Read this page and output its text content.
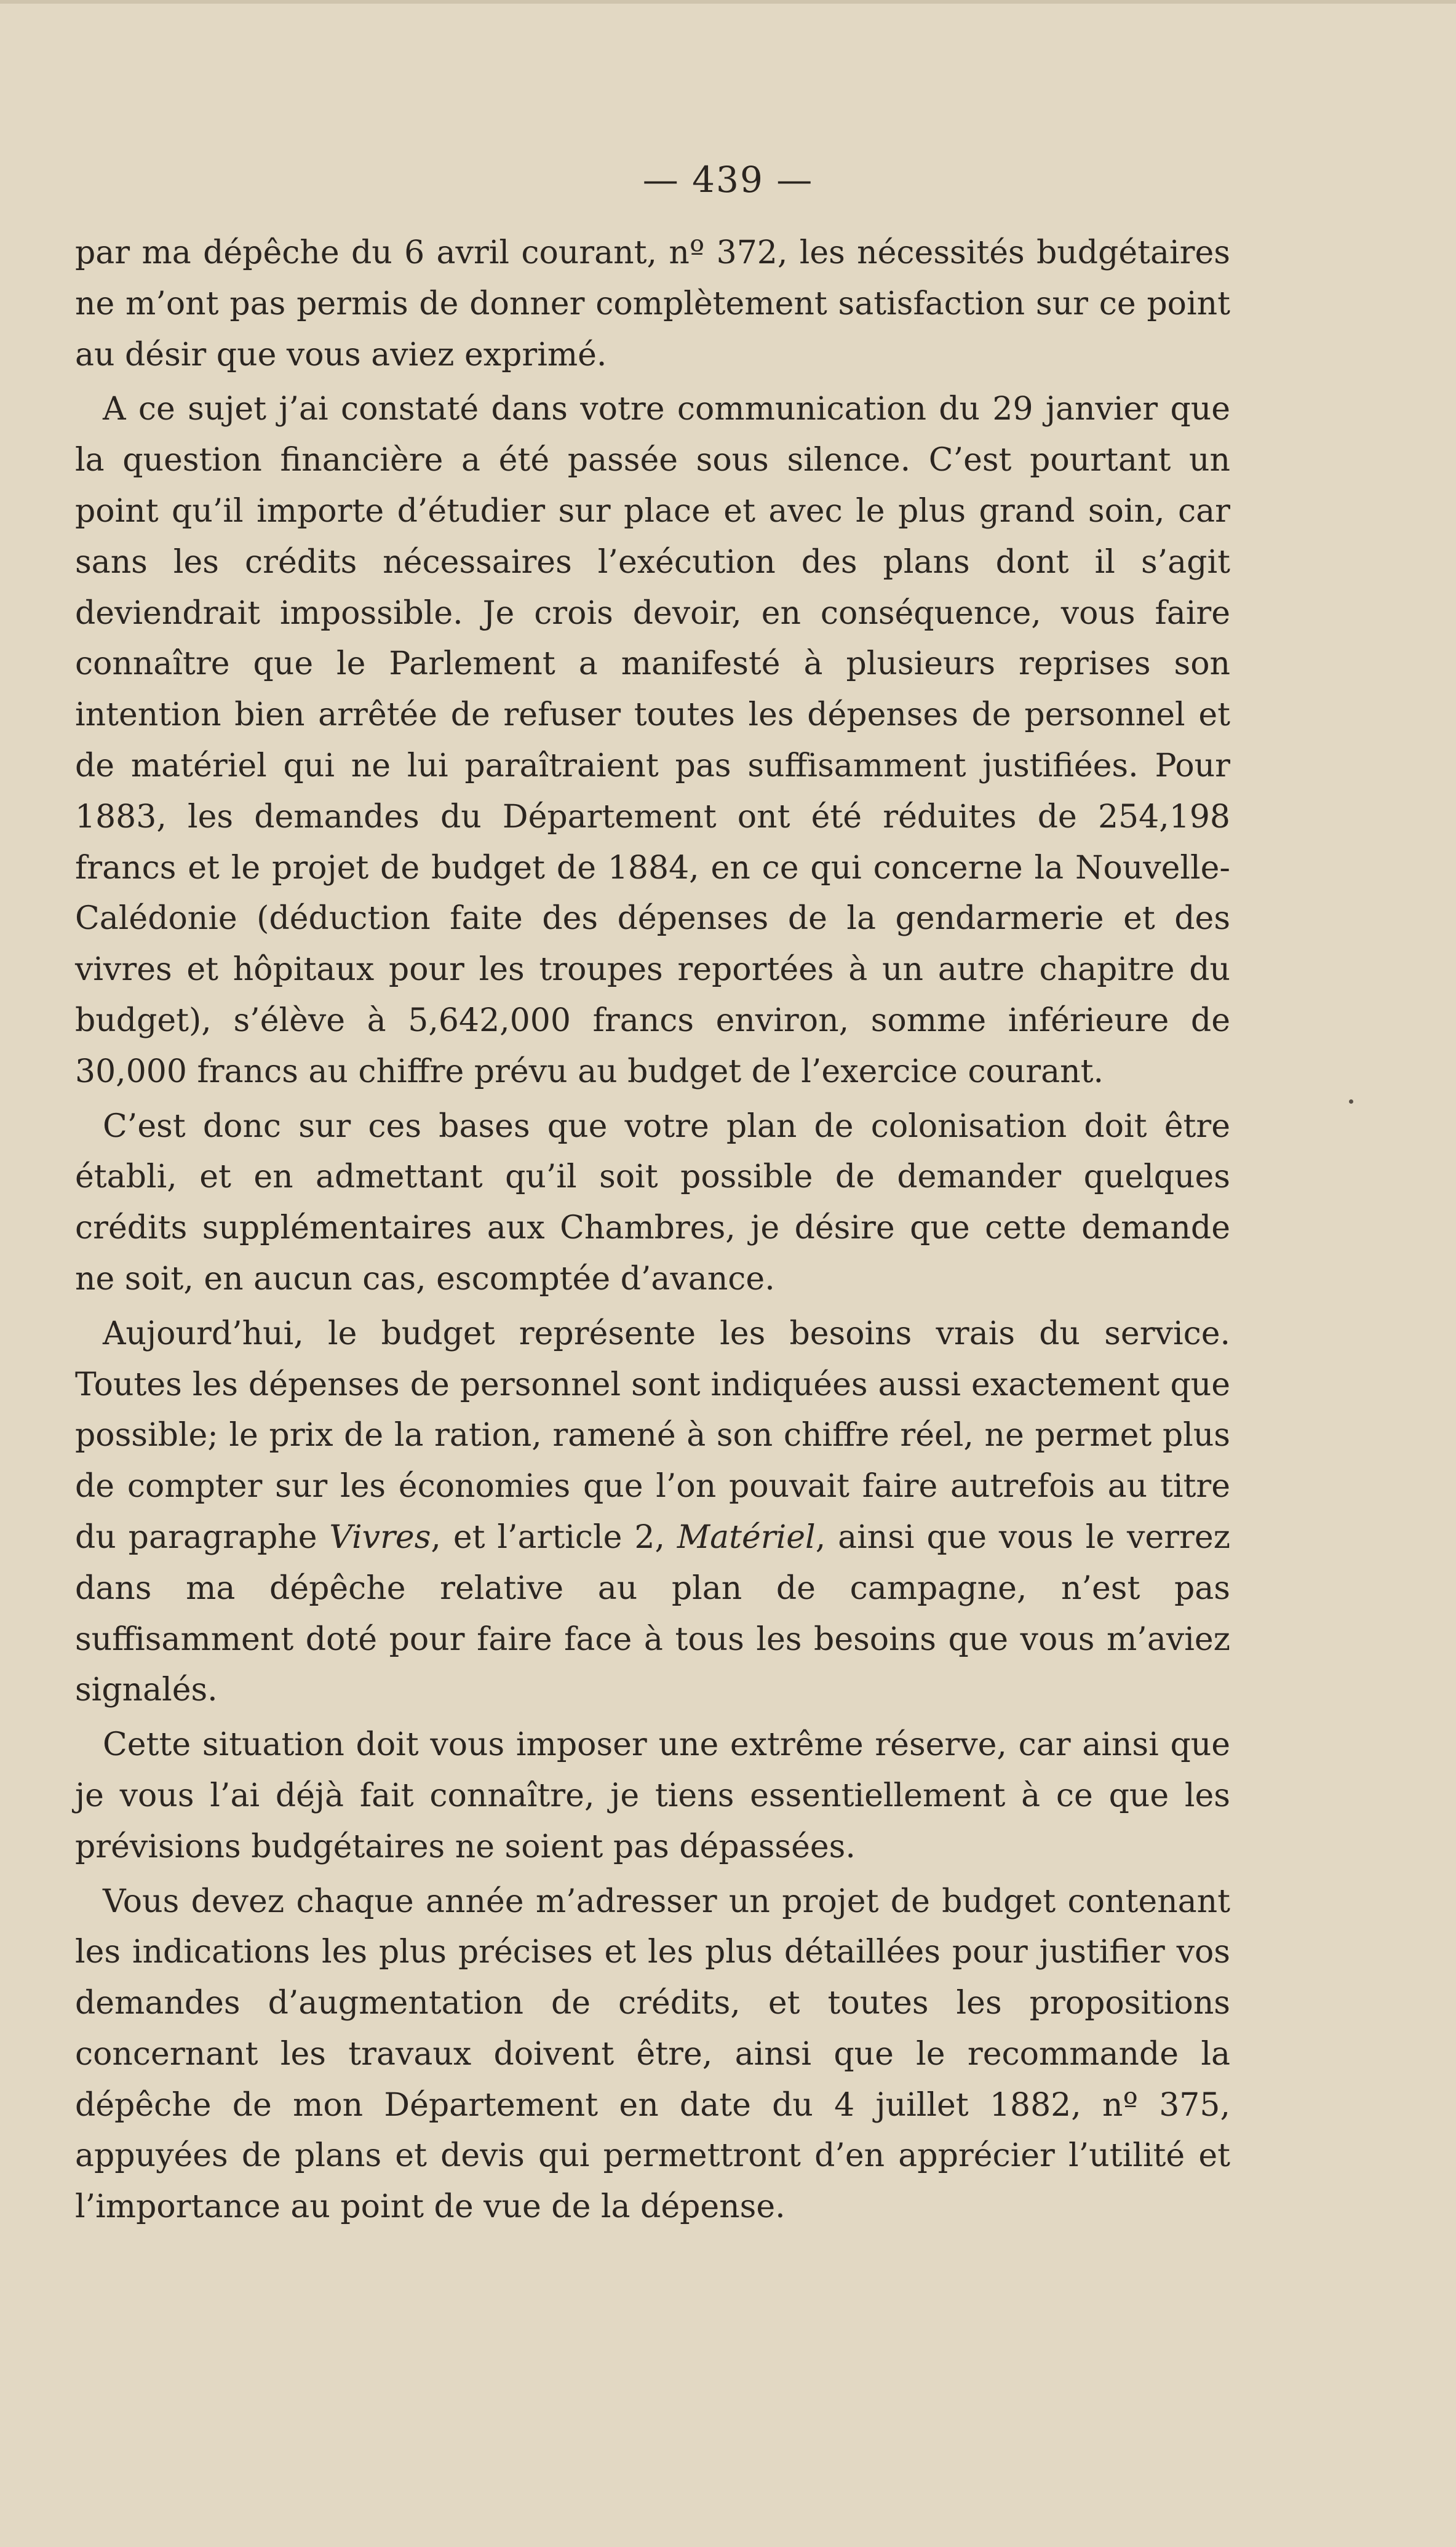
— 439 —

par ma dépêche du 6 avril courant, nº 372, les nécessités budgétaires ne m’ont pas permis de donner complètement satisfaction sur ce point au désir que vous aviez exprimé.

A ce sujet j’ai constaté dans votre communication du 29 janvier que la question financière a été passée sous silence. C’est pourtant un point qu’il importe d’étudier sur place et avec le plus grand soin, car sans les crédits nécessaires l’exécution des plans dont il s’agit deviendrait impossible. Je crois devoir, en conséquence, vous faire connaître que le Parlement a manifesté à plusieurs reprises son intention bien arrêtée de refuser toutes les dépenses de personnel et de matériel qui ne lui paraîtraient pas suffisamment justifiées. Pour 1883, les demandes du Département ont été réduites de 254,198 francs et le projet de budget de 1884, en ce qui concerne la Nouvelle-Calédonie (déduction faite des dépenses de la gendarmerie et des vivres et hôpitaux pour les troupes reportées à un autre chapitre du budget), s’élève à 5,642,000 francs environ, somme inférieure de 30,000 francs au chiffre prévu au budget de l’exercice courant.

C’est donc sur ces bases que votre plan de colonisation doit être établi, et en admettant qu’il soit possible de demander quelques crédits supplémentaires aux Chambres, je désire que cette demande ne soit, en aucun cas, escomptée d’avance.

Aujourd’hui, le budget représente les besoins vrais du service. Toutes les dépenses de personnel sont indiquées aussi exactement que possible; le prix de la ration, ramené à son chiffre réel, ne permet plus de compter sur les économies que l’on pouvait faire autrefois au titre du paragraphe Vivres, et l’article 2, Matériel, ainsi que vous le verrez dans ma dépêche relative au plan de campagne, n’est pas suffisamment doté pour faire face à tous les besoins que vous m’aviez signalés.

Cette situation doit vous imposer une extrême réserve, car ainsi que je vous l’ai déjà fait connaître, je tiens essentiellement à ce que les prévisions budgétaires ne soient pas dépassées.

Vous devez chaque année m’adresser un projet de budget contenant les indications les plus précises et les plus détaillées pour justifier vos demandes d’augmentation de crédits, et toutes les propositions concernant les travaux doivent être, ainsi que le recommande la dépêche de mon Département en date du 4 juillet 1882, nº 375, appuyées de plans et devis qui permettront d’en apprécier l’utilité et l’importance au point de vue de la dépense.
